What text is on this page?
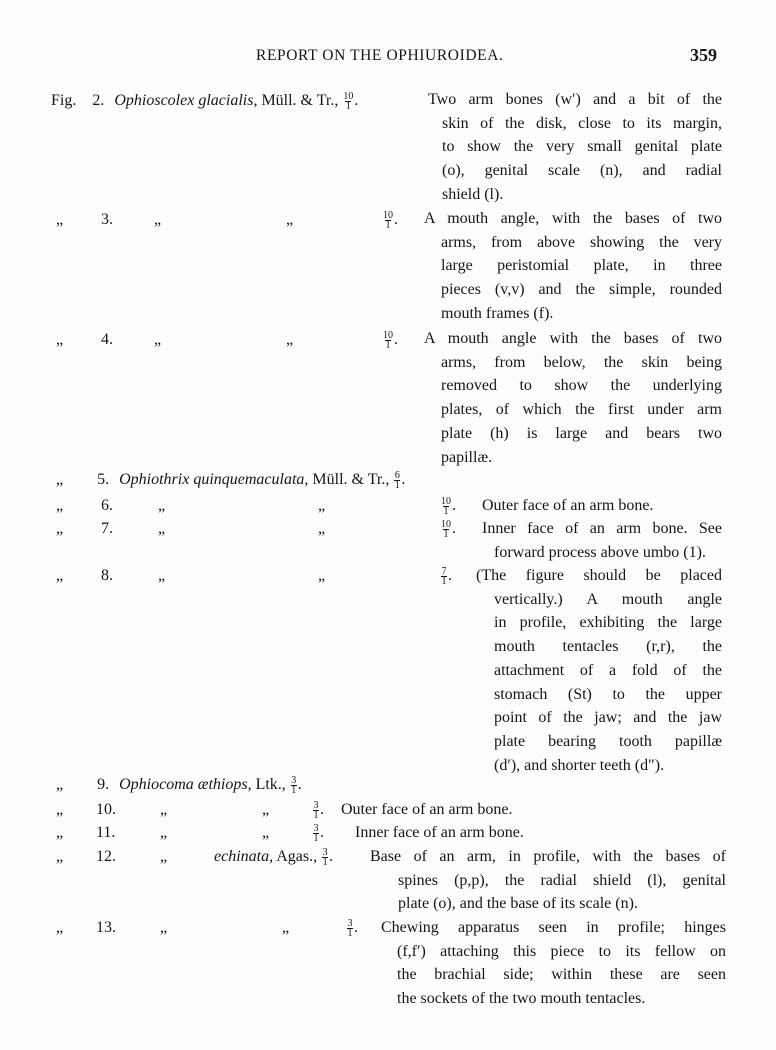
REPORT ON THE OPHIUROIDEA.	359
Fig. 2. Ophioscolex glacialis, Müll. & Tr., $\frac{10}{1}$ .	Two arm bones (w′) and a bit of the
skin of the disk, close to its margin,
to show the very small genital plate
(o), genital scale (n), and radial
shield (l).
„ 3.	„	„	$\frac{10}{1}$ . A mouth angle, with the bases of two
arms, from above showing the very
large peristomial plate, in three
pieces (v,v) and the simple, rounded
mouth frames (f).
„ 4.	„	„	$\frac{10}{1}$ . A mouth angle with the bases of two
arms, from below, the skin being
removed to show the underlying
plates, of which the first under arm
plate (h) is large and bears two
papillæ.
„ 5. Ophiothrix quinquemaculata, Müll. & Tr., $\frac{6}{1}$ .
„ 6.	„	„	$\frac{10}{1}$ . Outer face of an arm bone.
„ 7.	„	„	$\frac{10}{1}$ . Inner face of an arm bone. See
forward process above umbo (1).
„ 8.	„	„	$\frac{7}{1}$ . (The figure should be placed
vertically.) A mouth angle
in profile, exhibiting the large
mouth tentacles (r,r), the
attachment of a fold of the
stomach (St) to the upper
point of the jaw; and the jaw
plate bearing tooth papillæ
(d′), and shorter teeth (d″).
„ 9. Ophiocoma æthiops, Ltk., $\frac{3}{1}$ .
„ 10.	„	„	$\frac{3}{1}$ . Outer face of an arm bone.
„ 11.	„	„	$\frac{3}{1}$ . Inner face of an arm bone.
„ 12.	„	echinata, Agas., $\frac{3}{1}$ . Base of an arm, in profile, with the bases of
spines (p,p), the radial shield (l), genital
plate (o), and the base of its scale (n).
„ 13.	„	„	$\frac{3}{1}$ . Chewing apparatus seen in profile; hinges
(f,f′) attaching this piece to its fellow on
the brachial side; within these are seen
the sockets of the two mouth tentacles.
